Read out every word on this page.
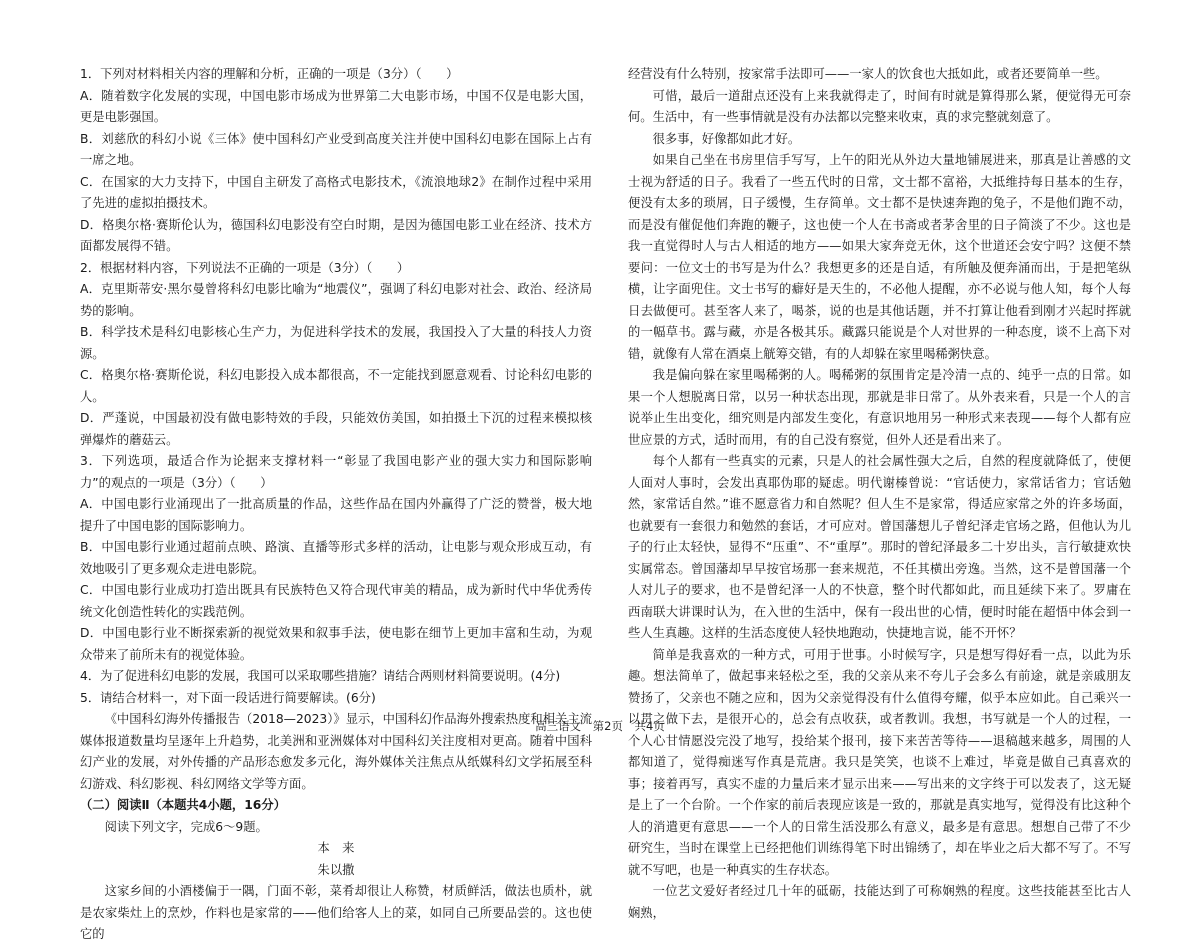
1．下列对材料相关内容的理解和分析，正确的一项是（3分）（　　）

A．随着数字化发展的实现，中国电影市场成为世界第二大电影市场，中国不仅是电影大国，更是电影强国。

B．刘慈欣的科幻小说《三体》使中国科幻产业受到高度关注并使中国科幻电影在国际上占有一席之地。

C．在国家的大力支持下，中国自主研发了高格式电影技术，《流浪地球2》在制作过程中采用了先进的虚拟拍摄技术。

D．格奥尔格·赛斯伦认为，德国科幻电影没有空白时期，是因为德国电影工业在经济、技术方面都发展得不错。

2．根据材料内容，下列说法不正确的一项是（3分）（　　）

A．克里斯蒂安·黑尔曼曾将科幻电影比喻为“地震仪”，强调了科幻电影对社会、政治、经济局势的影响。

B．科学技术是科幻电影核心生产力，为促进科学技术的发展，我国投入了大量的科技人力资源。

C．格奥尔格·赛斯伦说，科幻电影投入成本都很高，不一定能找到愿意观看、讨论科幻电影的人。

D．严蓬说，中国最初没有做电影特效的手段，只能效仿美国，如拍摄土下沉的过程来模拟核弹爆炸的蘑菇云。

3．下列选项，最适合作为论据来支撑材料一“彰显了我国电影产业的强大实力和国际影响力”的观点的一项是（3分）（　　）

A．中国电影行业涌现出了一批高质量的作品，这些作品在国内外赢得了广泛的赞誉，极大地提升了中国电影的国际影响力。

B．中国电影行业通过超前点映、路演、直播等形式多样的活动，让电影与观众形成互动，有效地吸引了更多观众走进电影院。

C．中国电影行业成功打造出既具有民族特色又符合现代审美的精品，成为新时代中华优秀传统文化创造性转化的实践范例。

D．中国电影行业不断探索新的视觉效果和叙事手法，使电影在细节上更加丰富和生动，为观众带来了前所未有的视觉体验。

4．为了促进科幻电影的发展，我国可以采取哪些措施？请结合两则材料简要说明。(4分)

5．请结合材料一，对下面一段话进行简要解读。(6分)

《中国科幻海外传播报告（2018—2023）》显示，中国科幻作品海外搜索热度和相关主流媒体报道数量均呈逐年上升趋势，北美洲和亚洲媒体对中国科幻关注度相对更高。随着中国科幻产业的发展，对外传播的产品形态愈发多元化，海外媒体关注焦点从纸媒科幻文学拓展至科幻游戏、科幻影视、科幻网络文学等方面。

（二）阅读Ⅱ（本题共4小题，16分）

阅读下列文字，完成6～9题。

本　来

朱以撒

这家乡间的小酒楼偏于一隅，门面不彰，菜肴却很让人称赞，材质鲜活，做法也质朴，就是农家柴灶上的烹炒，作料也是家常的——他们给客人上的菜，如同自己所要品尝的。这也使它的

经营没有什么特别，按家常手法即可——一家人的饮食也大抵如此，或者还要简单一些。

可惜，最后一道甜点还没有上来我就得走了，时间有时就是算得那么紧，便觉得无可奈何。生活中，有一些事情就是没有办法都以完整来收束，真的求完整就刻意了。

很多事，好像都如此才好。

如果自己坐在书房里信手写写，上午的阳光从外边大量地铺展进来，那真是让善感的文士视为舒适的日子。我看了一些五代时的日常，文士都不富裕，大抵维持每日基本的生存，便没有太多的琐屑，日子缓慢，生存简单。文士都不是快速奔跑的兔子，不是他们跑不动，而是没有催促他们奔跑的鞭子，这也使一个人在书斋或者茅舍里的日子简淡了不少。这也是我一直觉得时人与古人相适的地方——如果大家奔竞无休，这个世道还会安宁吗？这便不禁要问：一位文士的书写是为什么？我想更多的还是自适，有所触及便奔涌而出，于是把笔纵横，让字面兜住。文士书写的癖好是天生的，不必他人提醒，亦不必说与他人知，每个人每日去做便可。甚至客人来了，喝茶，说的也是其他话题，并不打算让他看到刚才兴起时挥就的一幅草书。露与藏，亦是各极其乐。藏露只能说是个人对世界的一种态度，谈不上高下对错，就像有人常在酒桌上觥筹交错，有的人却躲在家里喝稀粥快意。

我是偏向躲在家里喝稀粥的人。喝稀粥的氛围肯定是冷清一点的、纯乎一点的日常。如果一个人想脱离日常，以另一种状态出现，那就是非日常了。从外表来看，只是一个人的言说举止生出变化，细究则是内部发生变化，有意识地用另一种形式来表现——每个人都有应世应景的方式，适时而用，有的自己没有察觉，但外人还是看出来了。

每个人都有一些真实的元素，只是人的社会属性强大之后，自然的程度就降低了，使便人面对人事时，会发出真耶伪耶的疑虑。明代谢榛曾说：“官话使力，家常话省力；官话勉然，家常话自然。”谁不愿意省力和自然呢？但人生不是家常，得适应家常之外的许多场面，也就要有一套很力和勉然的套话，才可应对。曾国藩想儿子曾纪泽走官场之路，但他认为儿子的行止太轻快，显得不“压重”、不“重厚”。那时的曾纪泽最多二十岁出头，言行敏捷欢快实属常态。曾国藩却早早按官场那一套来规范，不任其横出旁逸。当然，这不是曾国藩一个人对儿子的要求，也不是曾纪泽一人的不快意，整个时代都如此，而且延续下来了。罗庸在西南联大讲课时认为，在入世的生活中，保有一段出世的心情，便时时能在超悟中体会到一些人生真趣。这样的生活态度使人轻快地跑动，快捷地言说，能不开怀？

简单是我喜欢的一种方式，可用于世事。小时候写字，只是想写得好看一点，以此为乐趣。想法简单了，做起事来轻松之至，我的父亲从来不夸儿子会多么有前途，就是亲戚朋友赞扬了，父亲也不随之应和，因为父亲觉得没有什么值得夸耀，似乎本应如此。自己乘兴一以贯之做下去，是很开心的，总会有点收获，或者教训。我想，书写就是一个人的过程，一个人心甘情愿没完没了地写，投给某个报刊，接下来苦苦等待——退稿越来越多，周围的人都知道了，觉得痴迷写作真是荒唐。我只是笑笑，也谈不上难过，毕竟是做自己真喜欢的事；接着再写，真实不虚的力量后来才显示出来——写出来的文字终于可以发表了，这无疑是上了一个台阶。一个作家的前后表现应该是一致的，那就是真实地写，觉得没有比这种个人的消遣更有意思——一个人的日常生活没那么有意义，最多是有意思。想想自己带了不少研究生，当时在课堂上已经把他们训练得笔下时出锦绣了，却在毕业之后大都不写了。不写就不写吧，也是一种真实的生存状态。

一位艺文爱好者经过几十年的砥砺，技能达到了可称娴熟的程度。这些技能甚至比古人娴熟，

高三语文　第2页　共4页
